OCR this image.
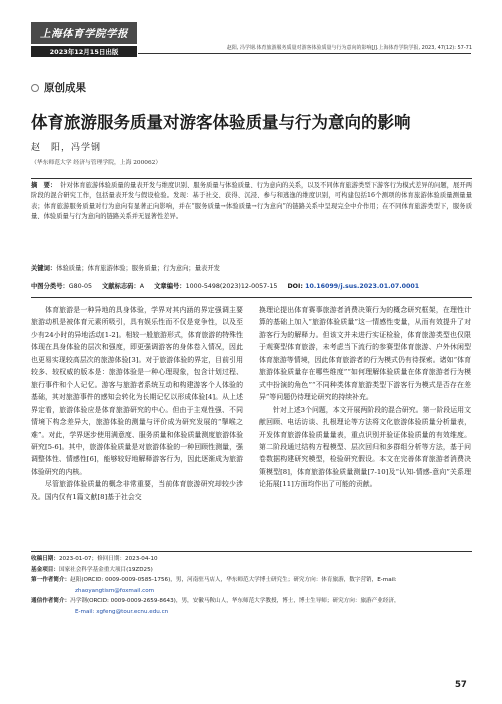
上海体育学院学报
2023年12月15日出版	赵阳, 冯学钢.体育旅游服务质量对游客体验质量与行为意向的影响[J].上海体育学院学报, 2023, 47(12): 57-71
原创成果
体育旅游服务质量对游客体验质量与行为意向的影响
赵　阳，冯学钢
（华东师范大学 经济与管理学院，上海 200062）
摘　要： 针对体育旅游体验质量的量表开发与维度识别、服务质量与体验质量、行为意向的关系，以及不同体育旅游类型下游客行为模式差异的问题，展开两阶段的混合研究工作，包括量表开发与假设检验。发现：基于社交、获得、沉浸、参与和逃逸的维度识别，可构建包括16个测项的体育旅游体验质量测量量表；体育旅游服务质量对行为意向有显著正向影响，并在“服务质量→体验质量→行为意向”的链路关系中呈现完全中介作用；在不同体育旅游类型下，服务质量、体验质量与行为意向的链路关系并无显著性差异。
关键词：体验质量；体育旅游体验；服务质量；行为意向；量表开发
中图分类号：G80-05 文献标志码：A 文章编号：1000-5498(2023)12-0057-15 DOI: 10.16099/j.sus.2023.01.07.0001

体育旅游是一种异地的具身体验，学界对其内涵的界定强调主要旅游动机是被体育元素所吸引，具有娱乐性而不仅是竞争性，以及至少有24小时的异地活动[1-2]。相较一般旅游形式，体育旅游的特殊性体现在具身体验的层次和强度，即更强调游客的身体卷入情况，因此也更易实现较高层次的旅游体验[3]。对于旅游体验的界定，目前引用较多、较权威的版本是：旅游体验是一种心理现象，包含计划过程、旅行事件和个人记忆。游客与旅游者系统互动和构建游客个人体验的基础，其对旅游事件的感知会转化为长期记忆以形成体验[4]。从上述界定看，旅游体验应是体育旅游研究的中心。但由于主观性强、不同情境下构念差异大，旅游体验的测量与评价成为研究发展的“掣喉之难”。对此，学界逐步使用满意度、服务质量和体验质量测度旅游体验研究[5-6]。其中，旅游体验质量是对旅游体验的一种回顾性测量，强调整体性、情感性[6]，能够较好地解释游客行为，因此逐渐成为旅游体验研究的内核。

尽管旅游体验质量的概念非常重要，当前体育旅游研究却较少涉及。国内仅有1篇文献[8]基于社会交

换理论提出体育赛事旅游者消费决策行为的概念研究框架，在理性计算的基础上加入“旅游体验质量”这一情感性变量，从而有效提升了对游客行为的解释力。但该文并未进行实证检验，体育旅游类型也仅限于观赛型体育旅游，未考虑当下流行的参赛型体育旅游、户外休闲型体育旅游等情境，因此体育旅游者的行为模式仍有待探索。诸如“体育旅游体验质量存在哪些维度”“如何理解体验质量在体育旅游者行为模式中扮演的角色”“不同种类体育旅游类型下游客行为模式是否存在差异”等问题仍待理论研究的持续补充。

针对上述3个问题，本文开展两阶段的混合研究。第一阶段运用文献回顾、电话访谈、扎根理论等方法将文化旅游体验质量分析量表，开发体育旅游体验质量量表，重点识别并验证体验质量的有效维度。第二阶段通过结构方程模型、层次回归和多群组分析等方法，基于问卷数据构建研究模型，检验研究假设。本文在完善体育旅游者消费决策模型[8]，体育旅游体验质量测量[7-10]及“认知-情感-意向”关系理论拓展[11]方面均作出了可能的贡献。

收稿日期：2023-01-07；修回日期：2023-04-10
基金项目：国家社会科学基金重大项目(19ZD25)
第一作者简介：赵阳(ORCID: 0009-0009-0585-1756)，男，河南驻马店人，华东师范大学博士研究生；研究方向：体育旅游，数字营销，E-mail:
zhaoyangtism@foxmail.com
通信作者简介：冯学钢(ORCID: 0009-0009-2659-8643)，男，安徽马鞍山人，华东师范大学教授，博士，博士生导师；研究方向：旅游产业经济，
E-mail: xgfeng@tour.ecnu.edu.cn
57
